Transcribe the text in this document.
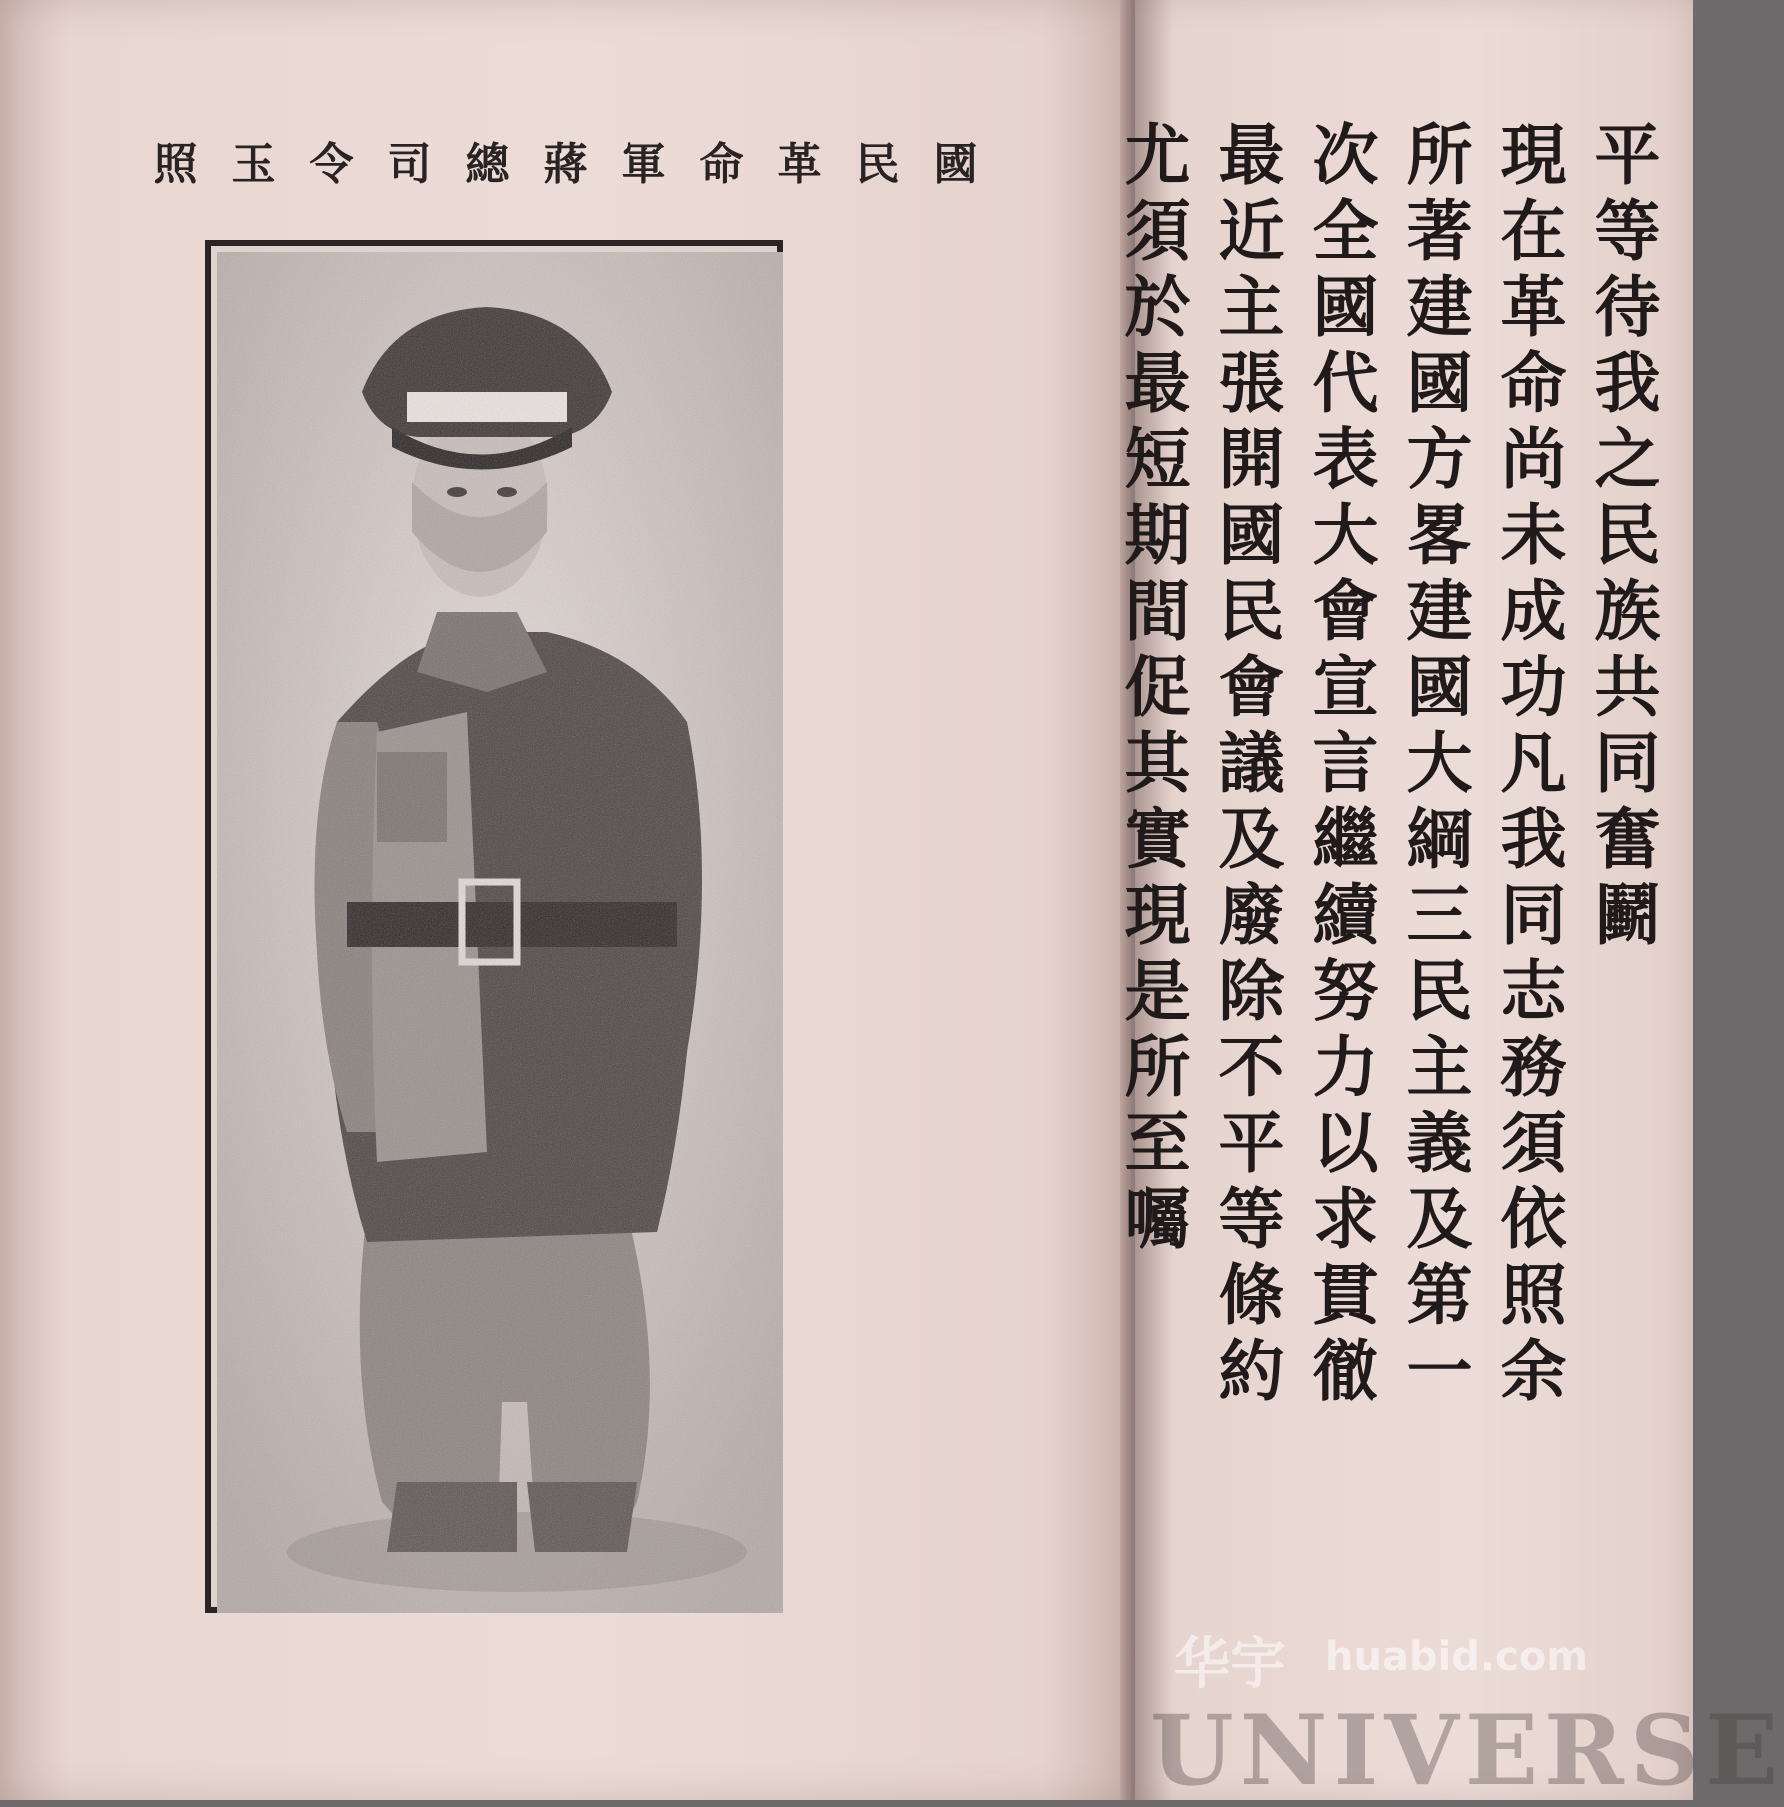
國民革命軍蔣總司令玉照	平等待我之民族共同奮鬬
現在革命尚未成功凡我同志務須依照余
所著建國方畧建國大綱三民主義及第一
次全國代表大會宣言繼續努力以求貫徹
最近主張開國民會議及廢除不平等條約
尤須於最短期間促其實現是所至囑
华宇 huabid.com
UNIVERSE
